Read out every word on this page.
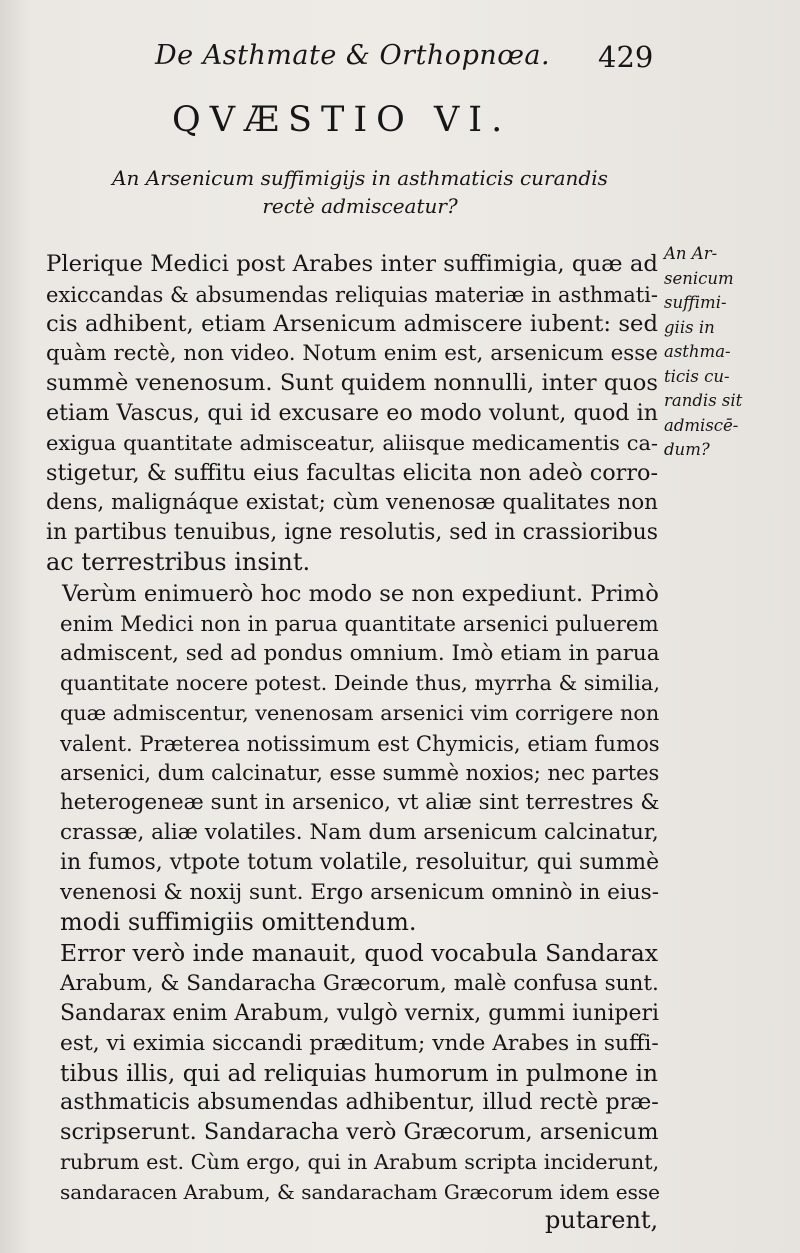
De Asthmate & Orthopnœa. 429
QVÆSTIO VI.
An Arsenicum suffimigijs in asthmaticis curandis
rectè admisceatur?

Plerique Medici post Arabes inter suffimigia, quæ ad
exiccandas & absumendas reliquias materiæ in asthmati-
cis adhibent, etiam Arsenicum admiscere iubent: sed
quàm rectè, non video. Notum enim est, arsenicum esse
summè venenosum. Sunt quidem nonnulli, inter quos
etiam Vascus, qui id excusare eo modo volunt, quod in
exigua quantitate admisceatur, aliisque medicamentis ca-
stigetur, & suffitu eius facultas elicita non adeò corro-
dens, malignáque existat; cùm venenosæ qualitates non
in partibus tenuibus, igne resolutis, sed in crassioribus
ac terrestribus insint.

Verùm enimuerò hoc modo se non expediunt. Primò
enim Medici non in parua quantitate arsenici puluerem
admiscent, sed ad pondus omnium. Imò etiam in parua
quantitate nocere potest. Deinde thus, myrrha & similia,
quæ admiscentur, venenosam arsenici vim corrigere non
valent. Præterea notissimum est Chymicis, etiam fumos
arsenici, dum calcinatur, esse summè noxios; nec partes
heterogeneæ sunt in arsenico, vt aliæ sint terrestres &
crassæ, aliæ volatiles. Nam dum arsenicum calcinatur,
in fumos, vtpote totum volatile, resoluitur, qui summè
venenosi & noxij sunt. Ergo arsenicum omninò in eius-
modi suffimigiis omittendum.

Error verò inde manauit, quod vocabula Sandarax
Arabum, & Sandaracha Græcorum, malè confusa sunt.
Sandarax enim Arabum, vulgò vernix, gummi iuniperi
est, vi eximia siccandi præditum; vnde Arabes in suffi-
tibus illis, qui ad reliquias humorum in pulmone in
asthmaticis absumendas adhibentur, illud rectè præ-
scripserunt. Sandaracha verò Græcorum, arsenicum
rubrum est. Cùm ergo, qui in Arabum scripta inciderunt,
sandaracen Arabum, & sandaracham Græcorum idem esse

An Ar-
senicum
suffimi-
giis in
asthma-
ticis cu-
randis sit
admiscē-
dum?
putarent,
